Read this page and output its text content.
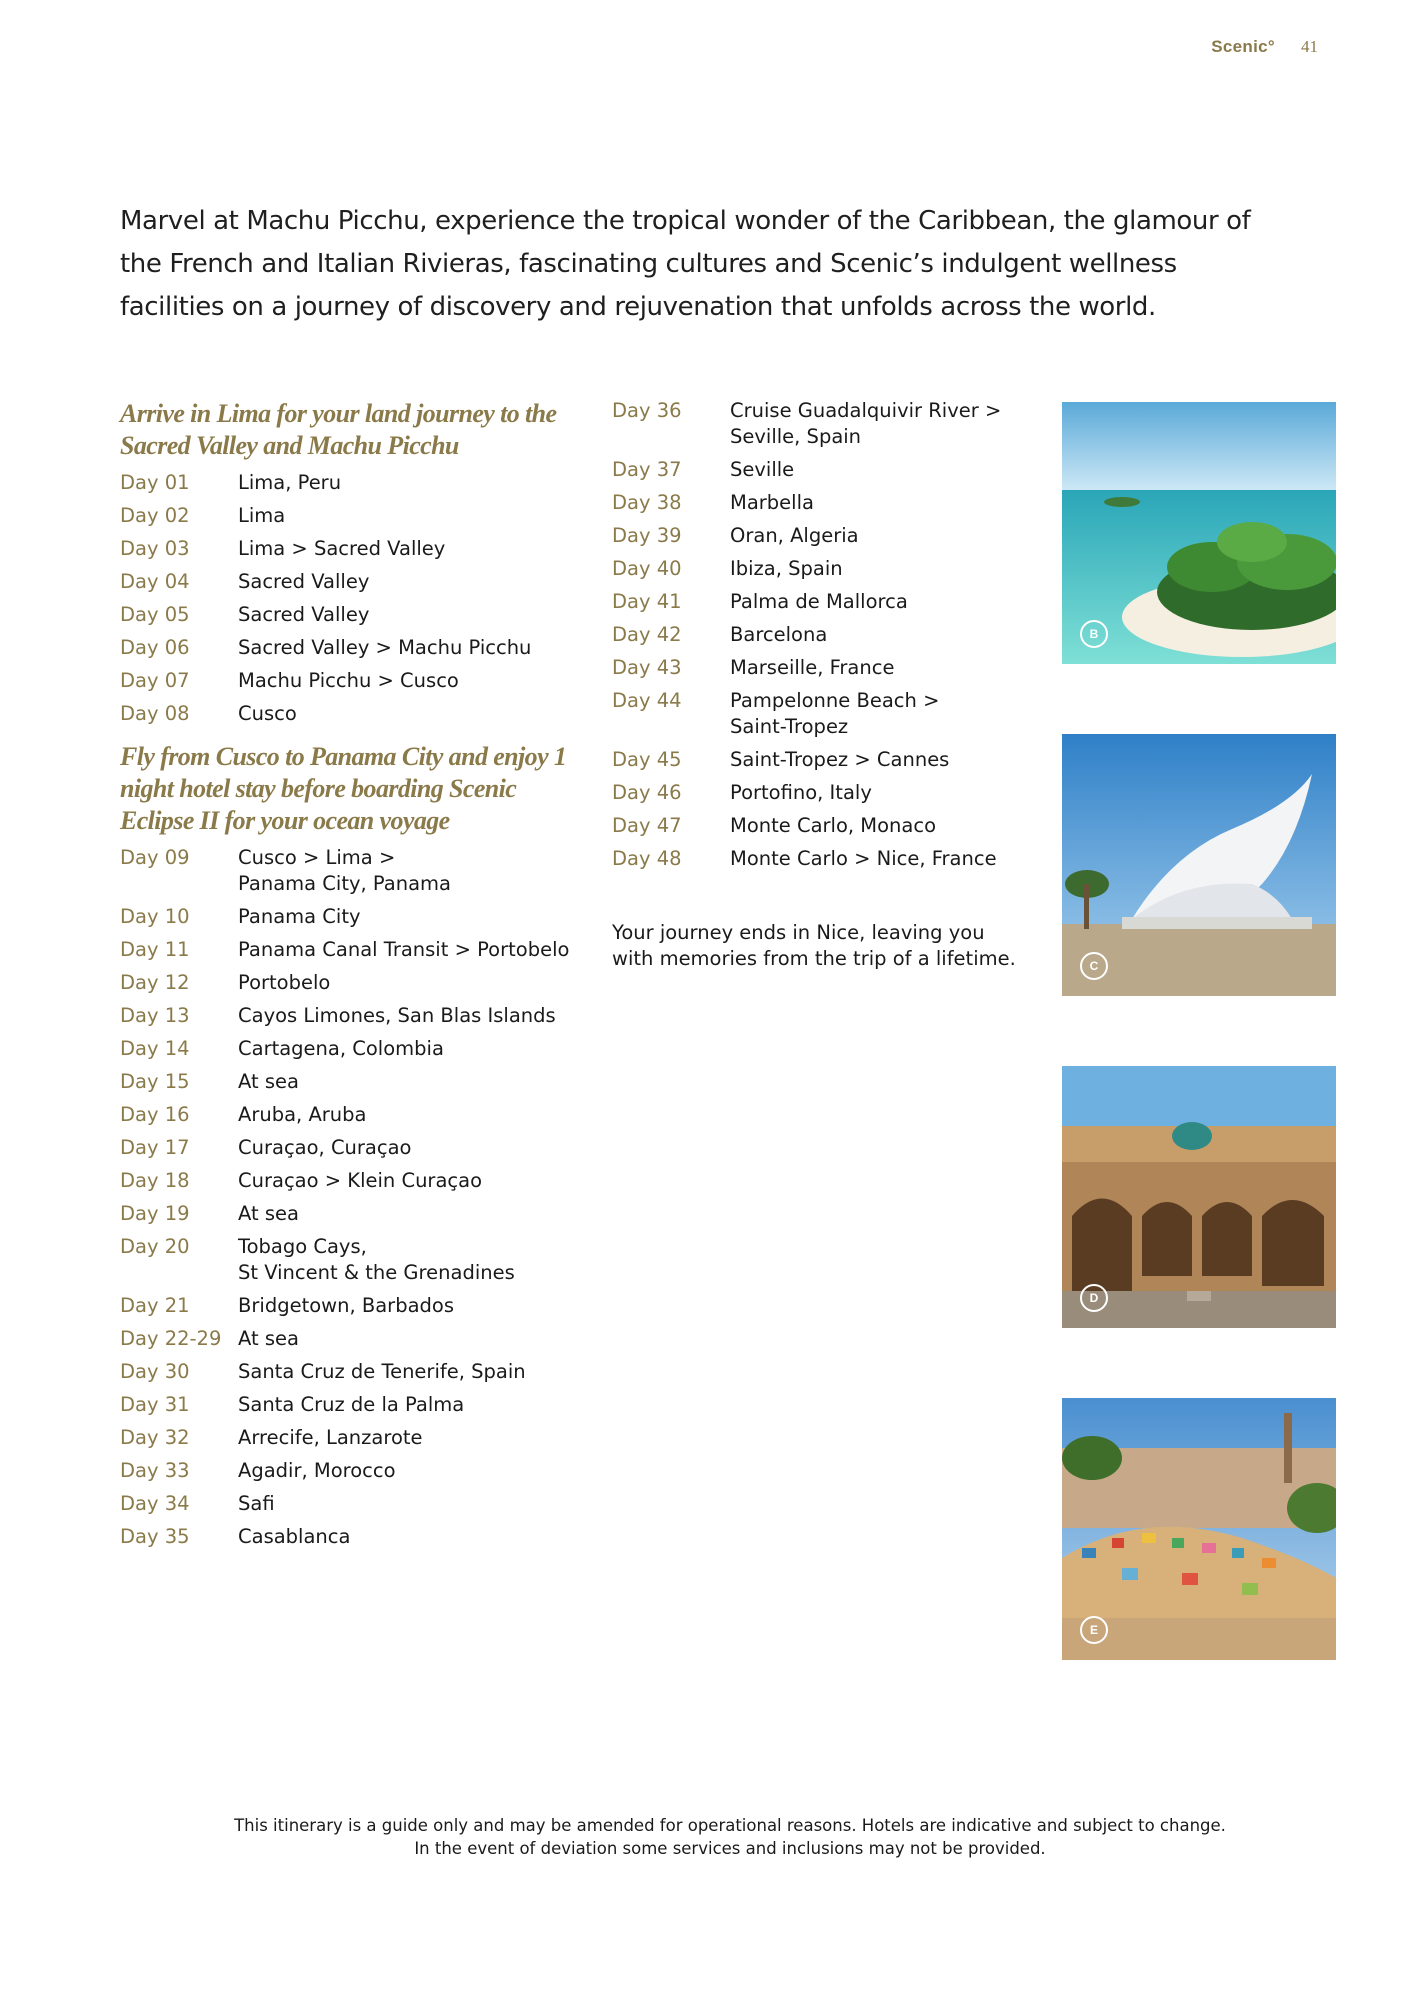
Scenic° 41

Marvel at Machu Picchu, experience the tropical wonder of the Caribbean, the glamour of the French and Italian Rivieras, fascinating cultures and Scenic’s indulgent wellness facilities on a journey of discovery and rejuvenation that unfolds across the world.

Arrive in Lima for your land journey to the Sacred Valley and Machu Picchu
Day 01	Lima, Peru
Day 02	Lima
Day 03	Lima > Sacred Valley
Day 04	Sacred Valley
Day 05	Sacred Valley
Day 06	Sacred Valley > Machu Picchu
Day 07	Machu Picchu > Cusco
Day 08	Cusco
Fly from Cusco to Panama City and enjoy 1 night hotel stay before boarding Scenic Eclipse II for your ocean voyage
Day 09	Cusco > Lima >
Panama City, Panama
Day 10	Panama City
Day 11	Panama Canal Transit > Portobelo
Day 12	Portobelo
Day 13	Cayos Limones, San Blas Islands
Day 14	Cartagena, Colombia
Day 15	At sea
Day 16	Aruba, Aruba
Day 17	Curaçao, Curaçao
Day 18	Curaçao > Klein Curaçao
Day 19	At sea
Day 20	Tobago Cays,
St Vincent & the Grenadines
Day 21	Bridgetown, Barbados
Day 22-29 At sea
Day 30	Santa Cruz de Tenerife, Spain
Day 31	Santa Cruz de la Palma
Day 32	Arrecife, Lanzarote
Day 33	Agadir, Morocco
Day 34	Safi
Day 35	Casablanca
Day 36	Cruise Guadalquivir River >
Seville, Spain
Day 37	Seville
Day 38	Marbella
Day 39	Oran, Algeria
Day 40	Ibiza, Spain
Day 41	Palma de Mallorca
Day 42	Barcelona
Day 43	Marseille, France
Day 44	Pampelonne Beach >
Saint-Tropez
Day 45	Saint-Tropez > Cannes
Day 46	Portofino, Italy
Day 47	Monte Carlo, Monaco
Day 48	Monte Carlo > Nice, France
Your journey ends in Nice, leaving you with memories from the trip of a lifetime.
B
C
D
E

This itinerary is a guide only and may be amended for operational reasons. Hotels are indicative and subject to change.
In the event of deviation some services and inclusions may not be provided.
